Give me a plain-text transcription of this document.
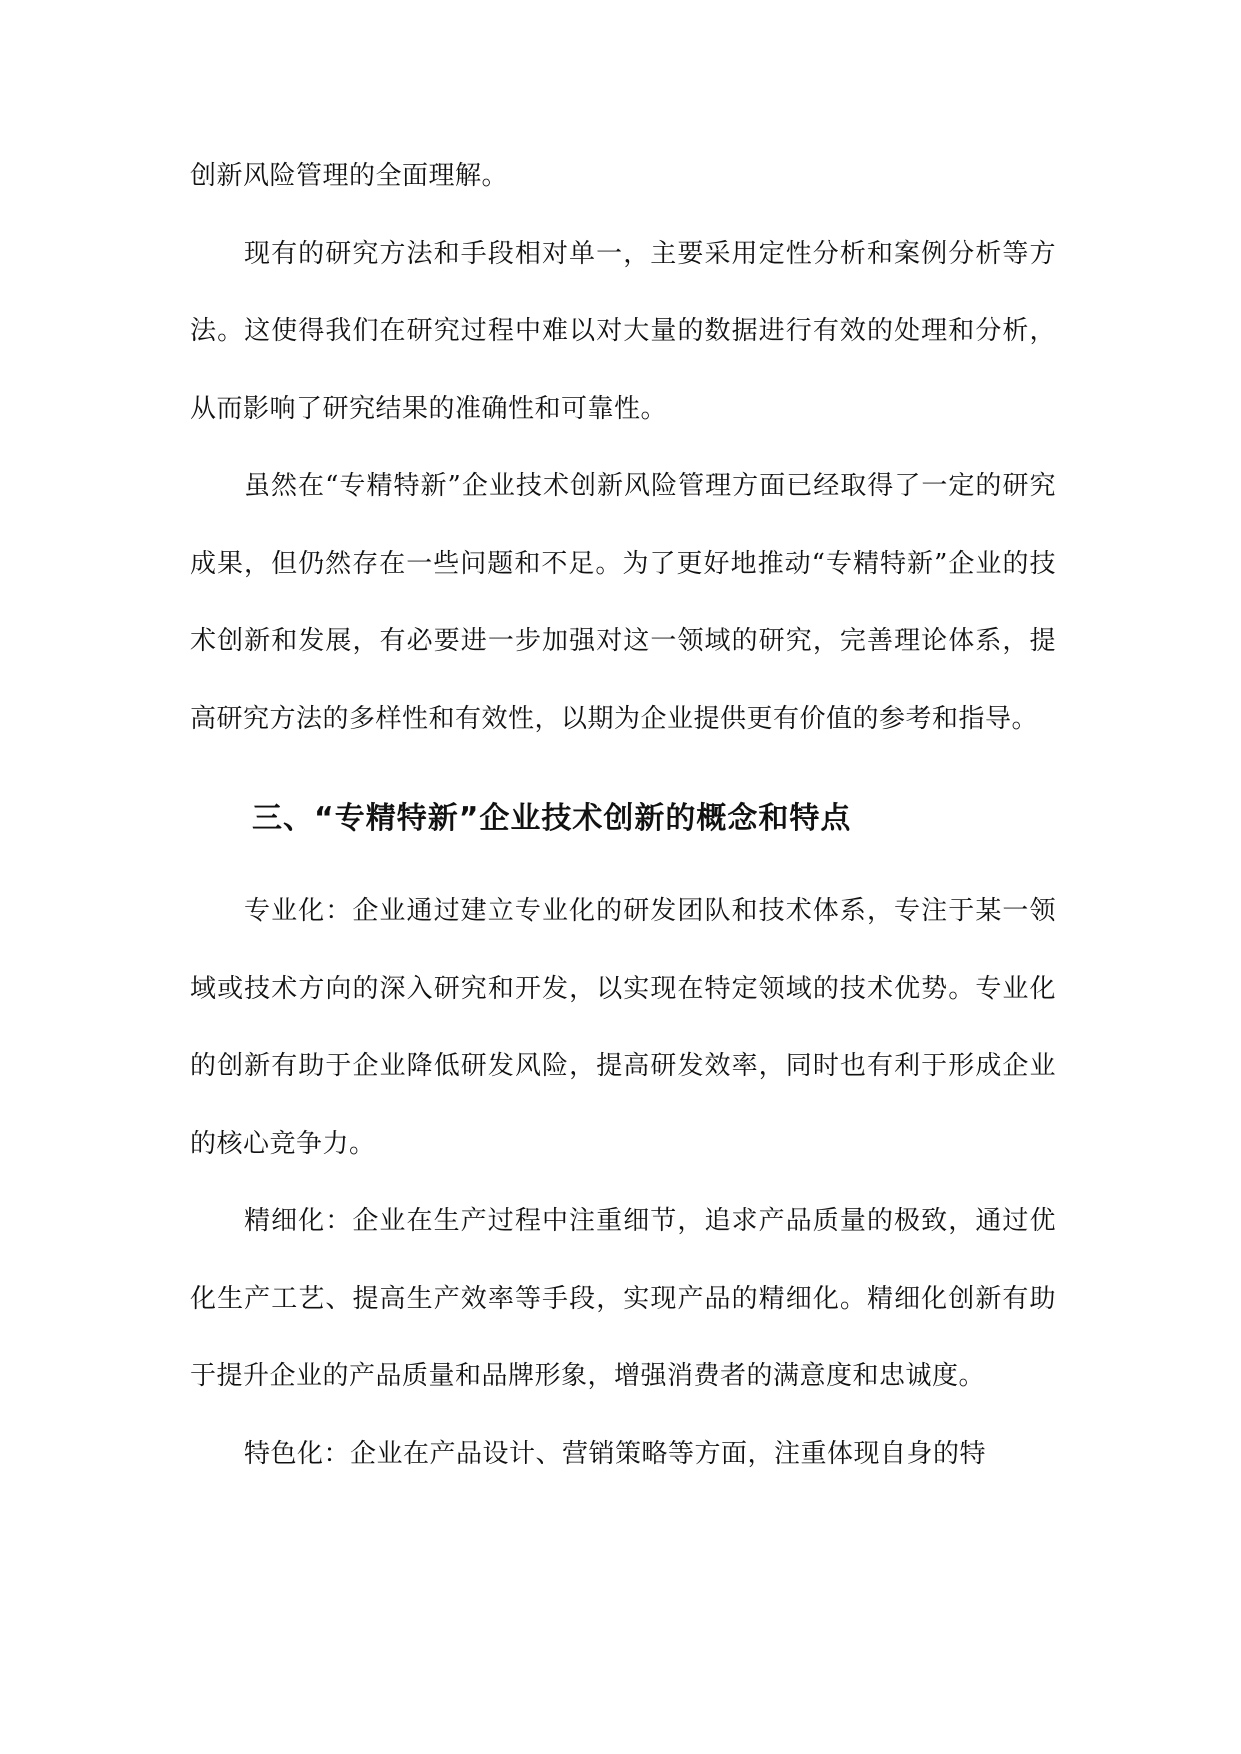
创新风险管理的全面理解。

现有的研究方法和手段相对单一，主要采用定性分析和案例分析等方法。这使得我们在研究过程中难以对大量的数据进行有效的处理和分析，从而影响了研究结果的准确性和可靠性。

虽然在“专精特新”企业技术创新风险管理方面已经取得了一定的研究成果，但仍然存在一些问题和不足。为了更好地推动“专精特新”企业的技术创新和发展，有必要进一步加强对这一领域的研究，完善理论体系，提高研究方法的多样性和有效性，以期为企业提供更有价值的参考和指导。

三、“专精特新”企业技术创新的概念和特点

专业化：企业通过建立专业化的研发团队和技术体系，专注于某一领域或技术方向的深入研究和开发，以实现在特定领域的技术优势。专业化的创新有助于企业降低研发风险，提高研发效率，同时也有利于形成企业的核心竞争力。

精细化：企业在生产过程中注重细节，追求产品质量的极致，通过优化生产工艺、提高生产效率等手段，实现产品的精细化。精细化创新有助于提升企业的产品质量和品牌形象，增强消费者的满意度和忠诚度。

特色化：企业在产品设计、营销策略等方面，注重体现自身的特
